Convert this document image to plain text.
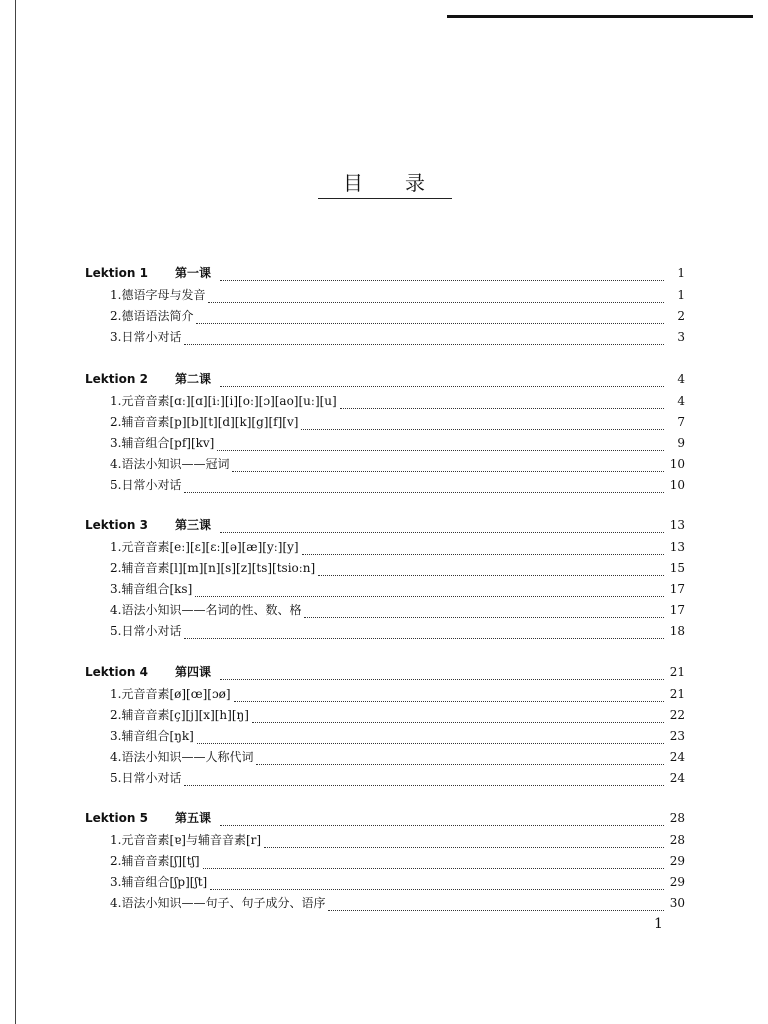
目 录
Lektion 1	第一课	1
1. 德语字母与发音	1
2. 德语语法简介	2
3. 日常小对话	3
Lektion 2	第二课	4
1. 元音音素[ɑː][ɑ][iː][i][oː][ɔ][ao][uː][u]	4
2. 辅音音素[p][b][t][d][k][g][f][v]	7
3. 辅音组合[pf][kv]	9
4. 语法小知识——冠词	10
5. 日常小对话	10
Lektion 3	第三课	13
1. 元音音素[eː][ɛ][ɛː][ə][æ][yː][y]	13
2. 辅音音素[l][m][n][s][z][ts][tsioːn]	15
3. 辅音组合[ks]	17
4. 语法小知识——名词的性、数、格	17
5. 日常小对话	18
Lektion 4	第四课	21
1. 元音音素[ø][œ][ɔø]	21
2. 辅音音素[ç][j][x][h][ŋ]	22
3. 辅音组合[ŋk]	23
4. 语法小知识——人称代词	24
5. 日常小对话	24
Lektion 5	第五课	28
1. 元音音素[ɐ]与辅音音素[r]	28
2. 辅音音素[ʃ][tʃ]	29
3. 辅音组合[ʃp][ʃt]	29
4. 语法小知识——句子、句子成分、语序	30
1
